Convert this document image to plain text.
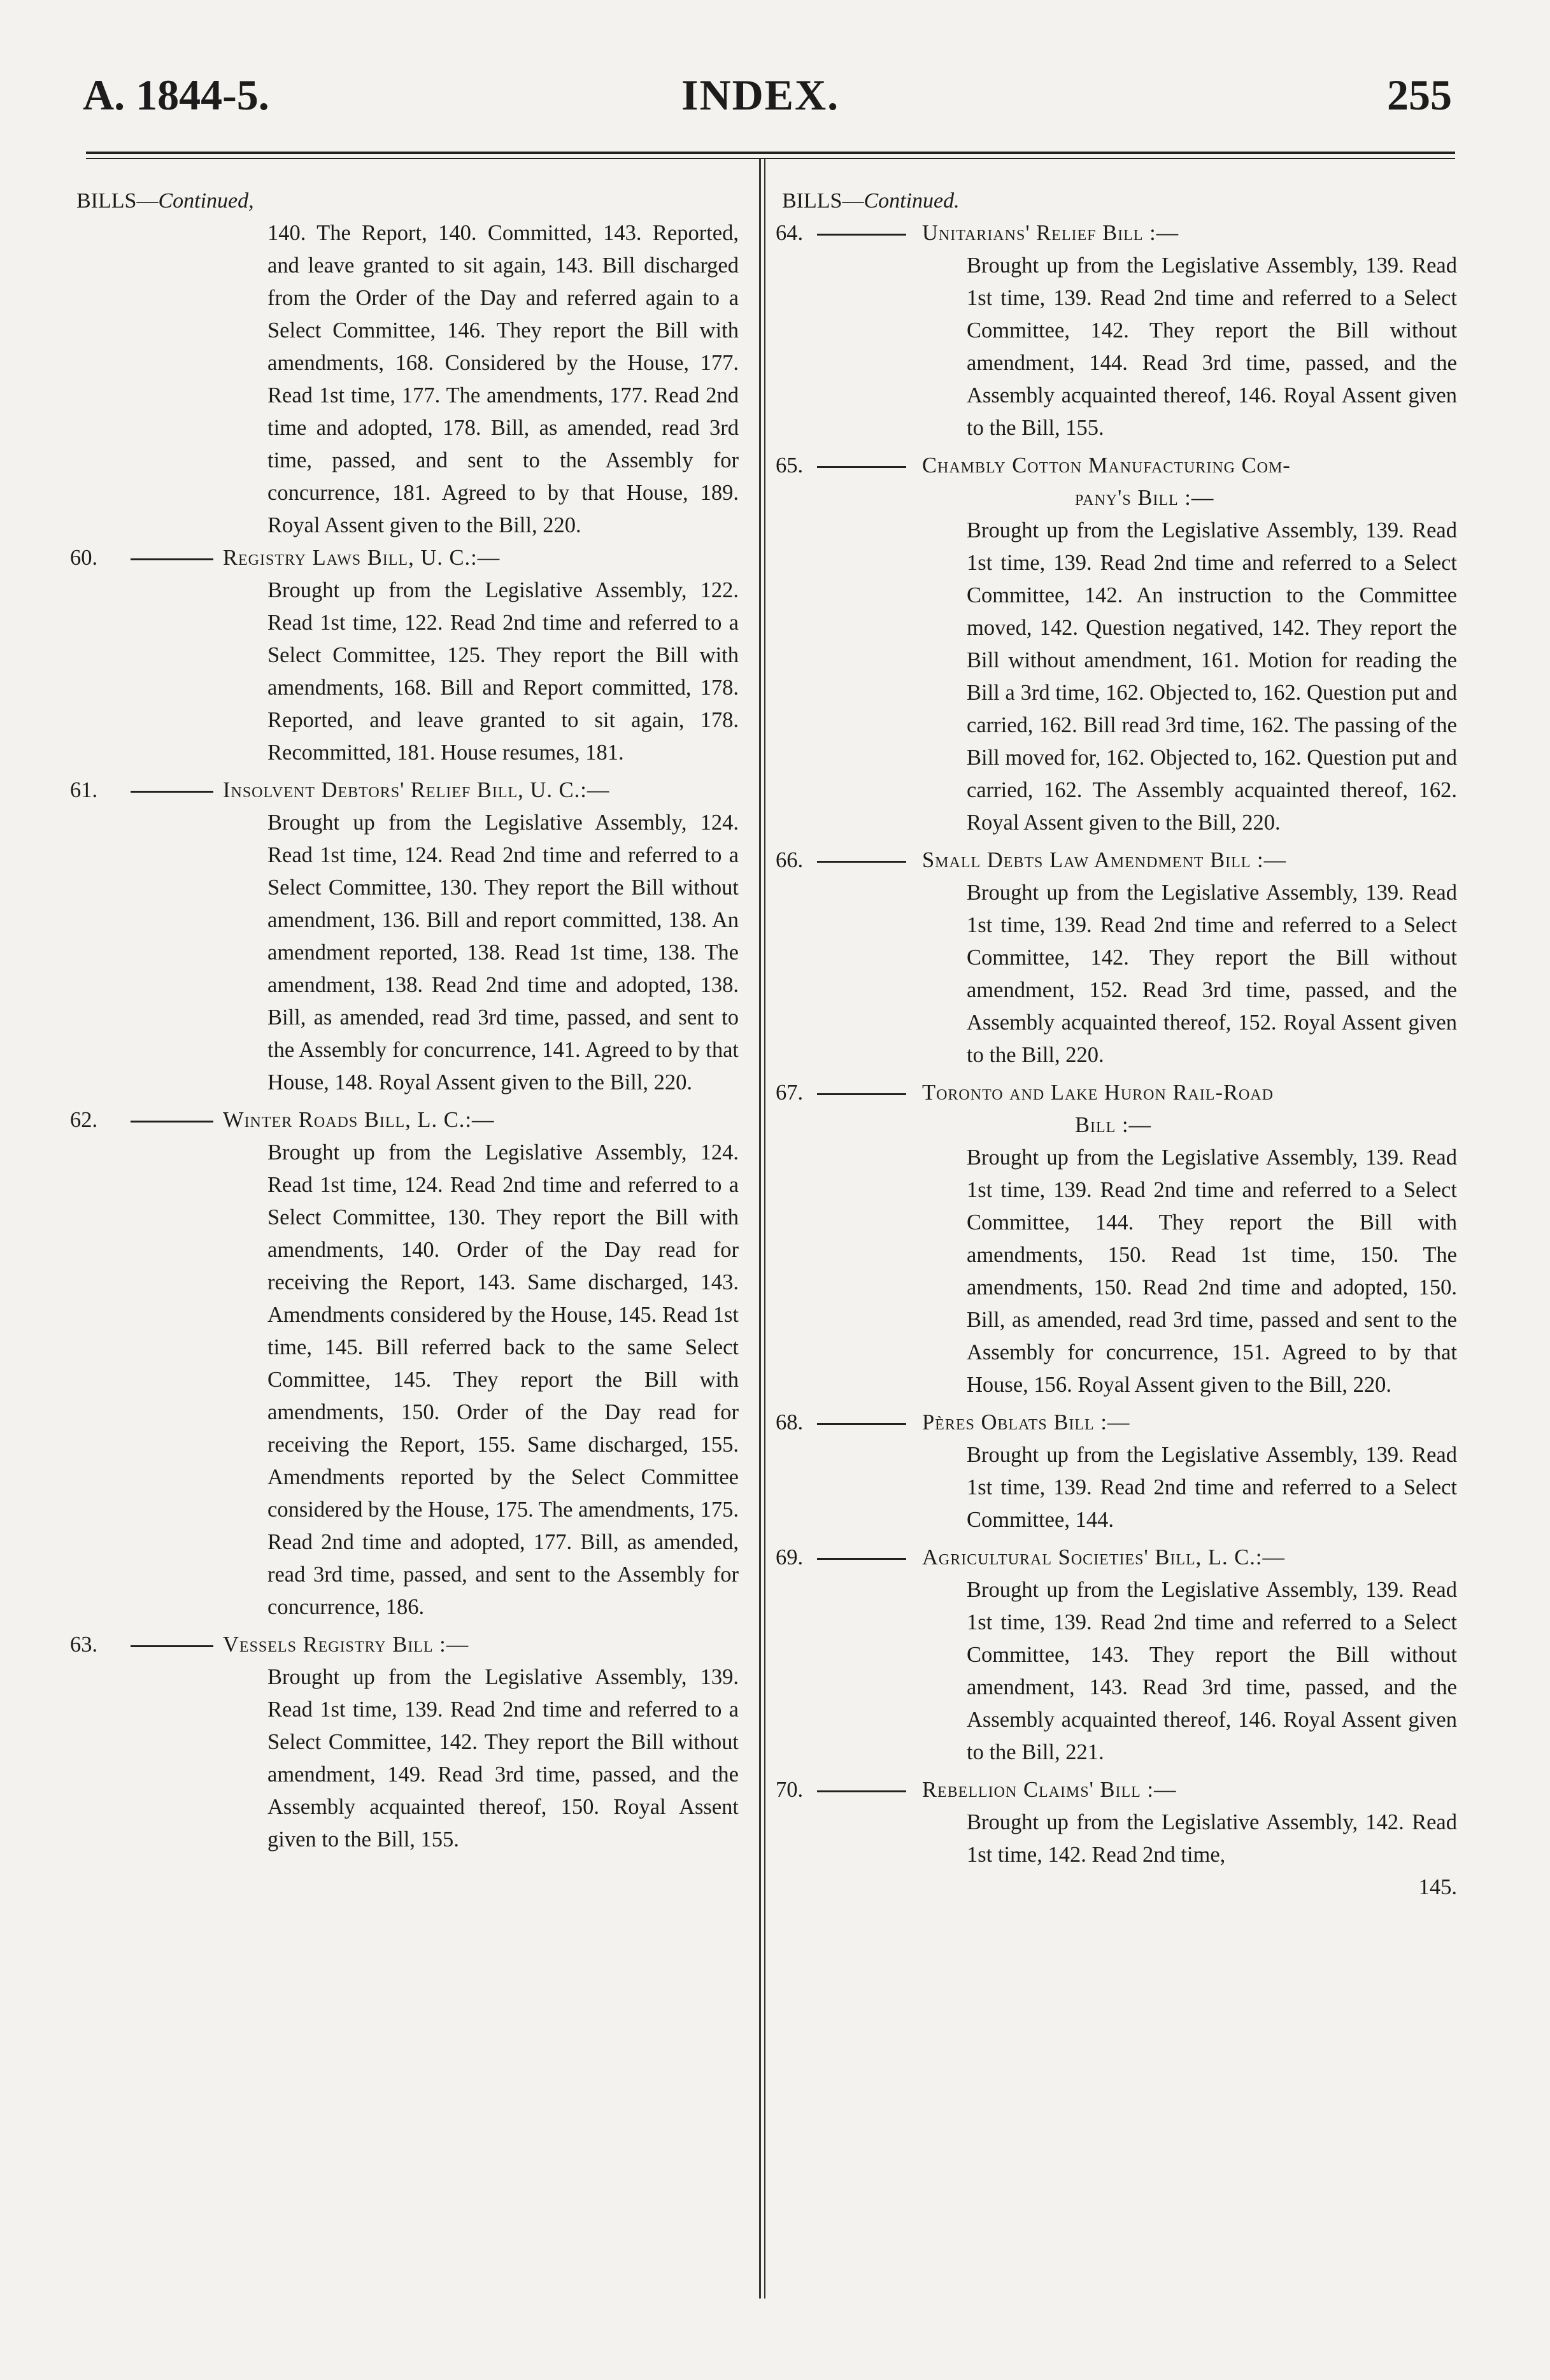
A. 1844-5.	INDEX.	255
BILLS—Continued,
140. The Report, 140. Committed, 143. Reported, and leave granted to sit again, 143. Bill discharged from the Order of the Day and referred again to a Select Committee, 146. They report the Bill with amendments, 168. Considered by the House, 177. Read 1st time, 177. The amendments, 177. Read 2nd time and adopted, 178. Bill, as amended, read 3rd time, passed, and sent to the Assembly for concurrence, 181. Agreed to by that House, 189. Royal Assent given to the Bill, 220.
60.	Registry Laws Bill, U. C.:—
Brought up from the Legislative Assembly, 122. Read 1st time, 122. Read 2nd time and referred to a Select Committee, 125. They report the Bill with amendments, 168. Bill and Report committed, 178. Reported, and leave granted to sit again, 178. Recommitted, 181. House resumes, 181.
61.	Insolvent Debtors' Relief Bill, U. C.:—
Brought up from the Legislative Assembly, 124. Read 1st time, 124. Read 2nd time and referred to a Select Committee, 130. They report the Bill without amendment, 136. Bill and report committed, 138. An amendment reported, 138. Read 1st time, 138. The amendment, 138. Read 2nd time and adopted, 138. Bill, as amended, read 3rd time, passed, and sent to the Assembly for concurrence, 141. Agreed to by that House, 148. Royal Assent given to the Bill, 220.
62.	Winter Roads Bill, L. C.:—
Brought up from the Legislative Assembly, 124. Read 1st time, 124. Read 2nd time and referred to a Select Committee, 130. They report the Bill with amendments, 140. Order of the Day read for receiving the Report, 143. Same discharged, 143. Amendments considered by the House, 145. Read 1st time, 145. Bill referred back to the same Select Committee, 145. They report the Bill with amendments, 150. Order of the Day read for receiving the Report, 155. Same discharged, 155. Amendments reported by the Select Committee considered by the House, 175. The amendments, 175. Read 2nd time and adopted, 177. Bill, as amended, read 3rd time, passed, and sent to the Assembly for concurrence, 186.
63.	Vessels Registry Bill :—
Brought up from the Legislative Assembly, 139. Read 1st time, 139. Read 2nd time and referred to a Select Committee, 142. They report the Bill without amendment, 149. Read 3rd time, passed, and the Assembly acquainted thereof, 150. Royal Assent given to the Bill, 155.
BILLS—Continued.
64.	Unitarians' Relief Bill :—
Brought up from the Legislative Assembly, 139. Read 1st time, 139. Read 2nd time and referred to a Select Committee, 142. They report the Bill without amendment, 144. Read 3rd time, passed, and the Assembly acquainted thereof, 146. Royal Assent given to the Bill, 155.
65.	Chambly Cotton Manufacturing Com-
pany's Bill :—
Brought up from the Legislative Assembly, 139. Read 1st time, 139. Read 2nd time and referred to a Select Committee, 142. An instruction to the Committee moved, 142. Question negatived, 142. They report the Bill without amendment, 161. Motion for reading the Bill a 3rd time, 162. Objected to, 162. Question put and carried, 162. Bill read 3rd time, 162. The passing of the Bill moved for, 162. Objected to, 162. Question put and carried, 162. The Assembly acquainted thereof, 162. Royal Assent given to the Bill, 220.
66.	Small Debts Law Amendment Bill :—
Brought up from the Legislative Assembly, 139. Read 1st time, 139. Read 2nd time and referred to a Select Committee, 142. They report the Bill without amendment, 152. Read 3rd time, passed, and the Assembly acquainted thereof, 152. Royal Assent given to the Bill, 220.
67.	Toronto and Lake Huron Rail-Road
Bill :—
Brought up from the Legislative Assembly, 139. Read 1st time, 139. Read 2nd time and referred to a Select Committee, 144. They report the Bill with amendments, 150. Read 1st time, 150. The amendments, 150. Read 2nd time and adopted, 150. Bill, as amended, read 3rd time, passed and sent to the Assembly for concurrence, 151. Agreed to by that House, 156. Royal Assent given to the Bill, 220.
68.	Pères Oblats Bill :—
Brought up from the Legislative Assembly, 139. Read 1st time, 139. Read 2nd time and referred to a Select Committee, 144.
69.	Agricultural Societies' Bill, L. C.:—
Brought up from the Legislative Assembly, 139. Read 1st time, 139. Read 2nd time and referred to a Select Committee, 143. They report the Bill without amendment, 143. Read 3rd time, passed, and the Assembly acquainted thereof, 146. Royal Assent given to the Bill, 221.
70.	Rebellion Claims' Bill :—
Brought up from the Legislative Assembly, 142. Read 1st time, 142. Read 2nd time,
145.
